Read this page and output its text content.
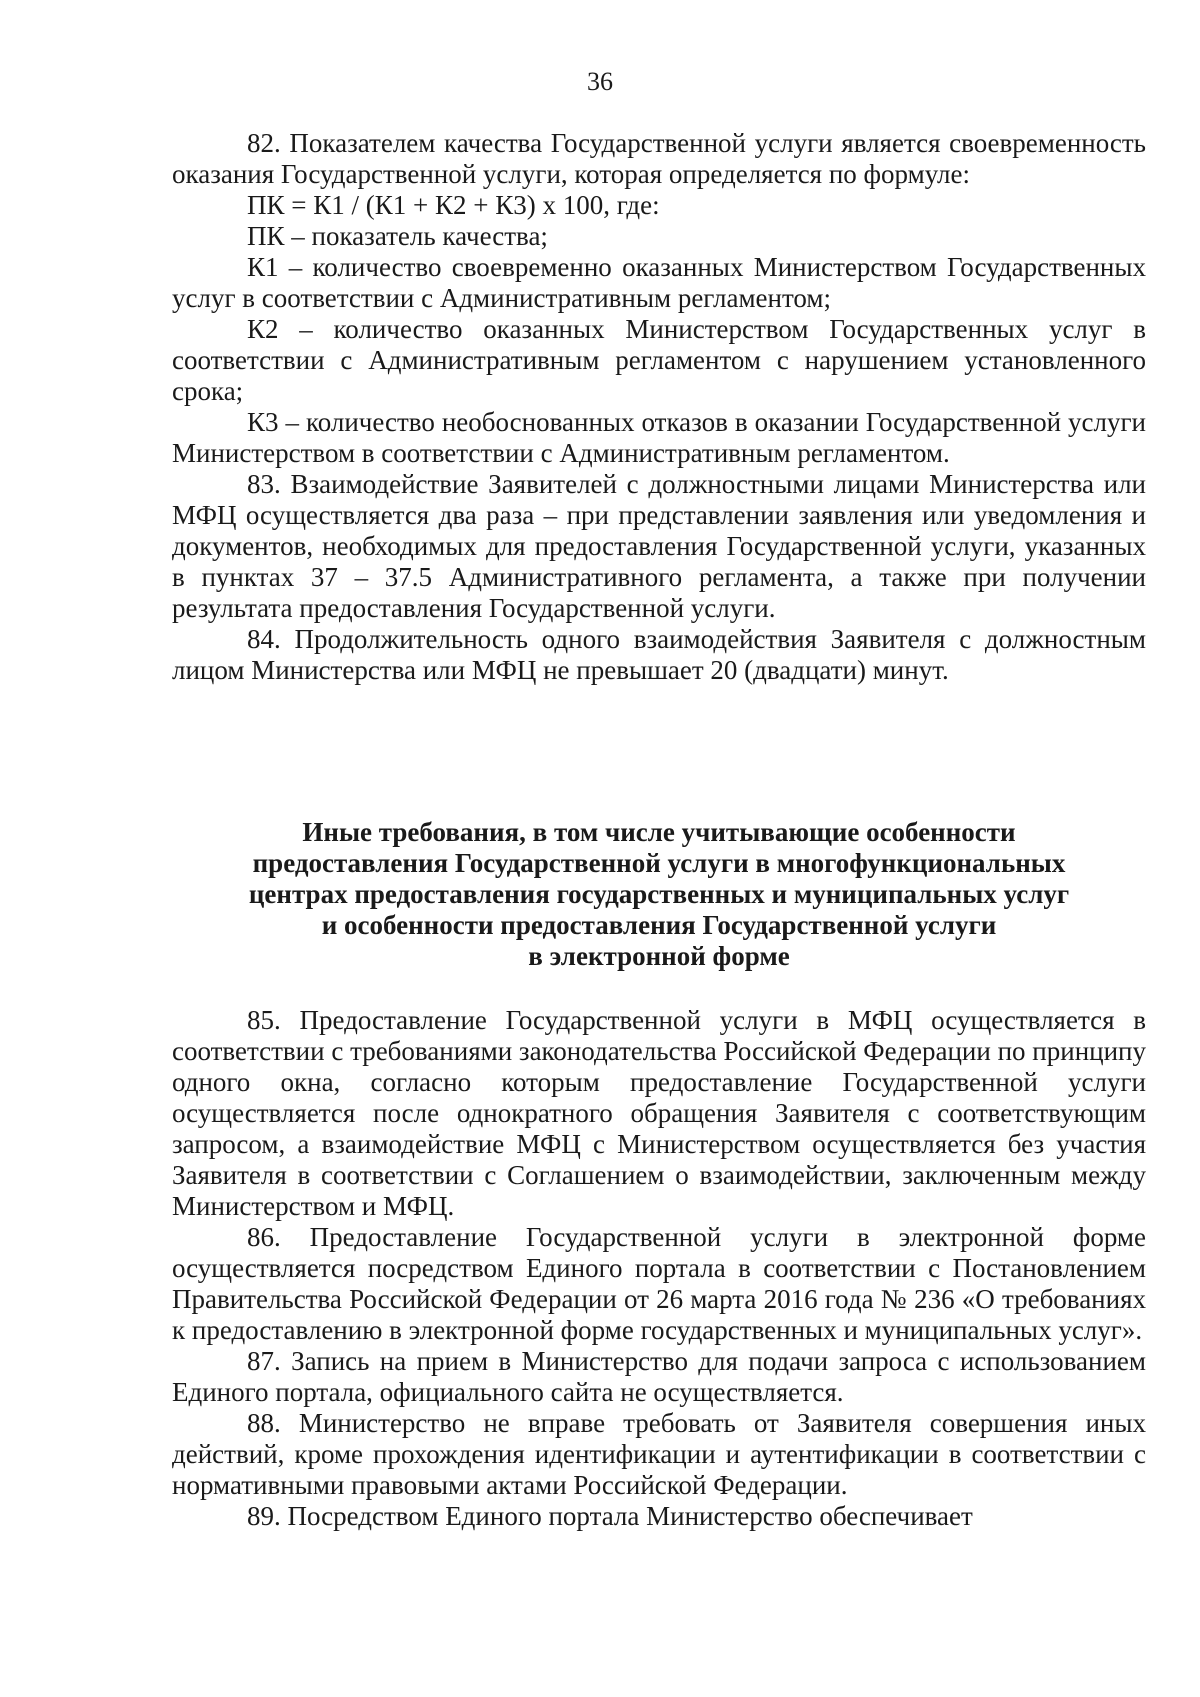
36

82. Показателем качества Государственной услуги является своевременность оказания Государственной услуги, которая определяется по формуле:

ПК = К1 / (К1 + К2 + К3) х 100, где:

ПК – показатель качества;

К1 – количество своевременно оказанных Министерством Государственных услуг в соответствии с Административным регламентом;

К2 – количество оказанных Министерством Государственных услуг в соответствии с Административным регламентом с нарушением установленного срока;

К3 – количество необоснованных отказов в оказании Государственной услуги Министерством в соответствии с Административным регламентом.

83. Взаимодействие Заявителей с должностными лицами Министерства или МФЦ осуществляется два раза – при представлении заявления или уведомления и документов, необходимых для предоставления Государственной услуги, указанных в пунктах 37 – 37.5 Административного регламента, а также при получении результата предоставления Государственной услуги.

84. Продолжительность одного взаимодействия Заявителя с должностным лицом Министерства или МФЦ не превышает 20 (двадцати) минут.

Иные требования, в том числе учитывающие особенности
предоставления Государственной услуги в многофункциональных
центрах предоставления государственных и муниципальных услуг
и особенности предоставления Государственной услуги
в электронной форме

85. Предоставление Государственной услуги в МФЦ осуществляется в соответствии с требованиями законодательства Российской Федерации по принципу одного окна, согласно которым предоставление Государственной услуги осуществляется после однократного обращения Заявителя с соответствующим запросом, а взаимодействие МФЦ с Министерством осуществляется без участия Заявителя в соответствии с Соглашением о взаимодействии, заключенным между Министерством и МФЦ.

86. Предоставление Государственной услуги в электронной форме осуществляется посредством Единого портала в соответствии с Постановлением Правительства Российской Федерации от 26 марта 2016 года № 236 «О требованиях к предоставлению в электронной форме государственных и муниципальных услуг».

87. Запись на прием в Министерство для подачи запроса с использованием Единого портала, официального сайта не осуществляется.

88. Министерство не вправе требовать от Заявителя совершения иных действий, кроме прохождения идентификации и аутентификации в соответствии с нормативными правовыми актами Российской Федерации.

89. Посредством Единого портала Министерство обеспечивает
